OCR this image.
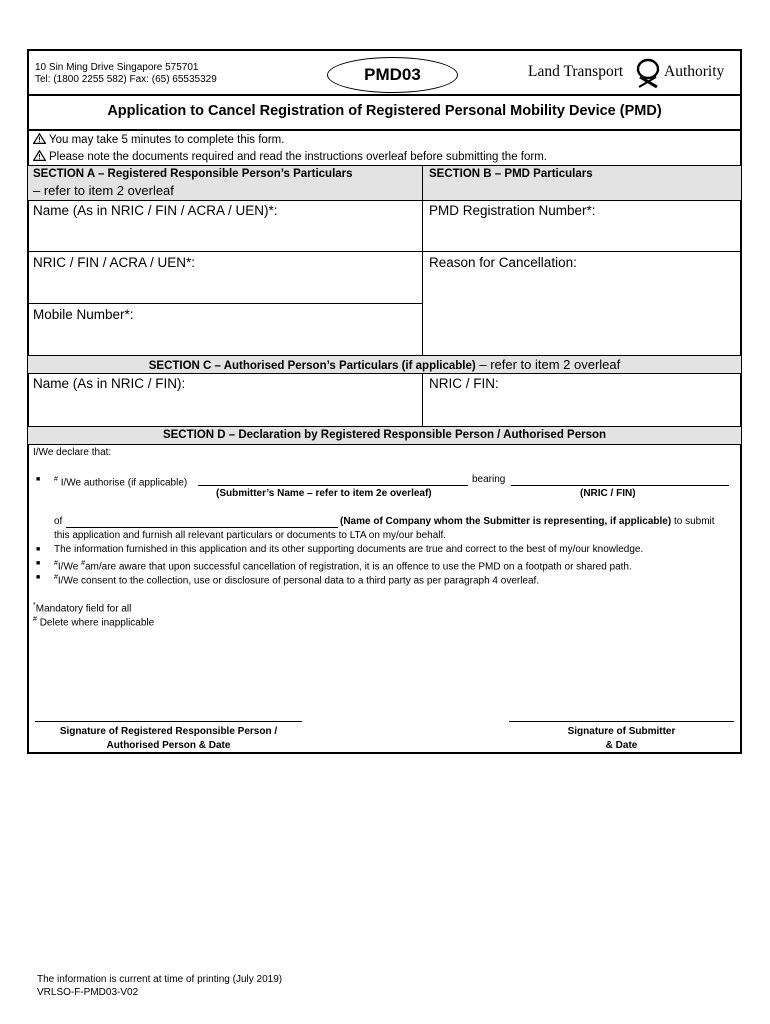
10 Sin Ming Drive Singapore 575701
Tel: (1800 2255 582) Fax: (65) 65535329	PMD03	Land Transport	Authority
Application to Cancel Registration of Registered Personal Mobility Device (PMD)
You may take 5 minutes to complete this form.
Please note the documents required and read the instructions overleaf before submitting the form.
SECTION A – Registered Responsible Person’s Particulars
– refer to item 2 overleaf
SECTION B – PMD Particulars
Name (As in NRIC / FIN / ACRA / UEN)*:	PMD Registration Number*:
NRIC / FIN / ACRA / UEN*:	Reason for Cancellation:
Mobile Number*:
SECTION C – Authorised Person’s Particulars (if applicable) – refer to item 2 overleaf
Name (As in NRIC / FIN):	NRIC / FIN:
SECTION D – Declaration by Registered Responsible Person / Authorised Person
I/We declare that:
■ # I/We authorise (if applicable)	bearing
(Submitter’s Name – refer to item 2e overleaf)	(NRIC / FIN)
of	(Name of Company whom the Submitter is representing, if applicable) to submit
this application and furnish all relevant particulars or documents to LTA on my/our behalf.
■ The information furnished in this application and its other supporting documents are true and correct to the best of my/our knowledge.
■ #I/We #am/are aware that upon successful cancellation of registration, it is an offence to use the PMD on a footpath or shared path.
■ #I/We consent to the collection, use or disclosure of personal data to a third party as per paragraph 4 overleaf.
*Mandatory field for all
# Delete where inapplicable
Signature of Registered Responsible Person /
Authorised Person & Date
Signature of Submitter
& Date
The information is current at time of printing (July 2019)
VRLSO-F-PMD03-V02
